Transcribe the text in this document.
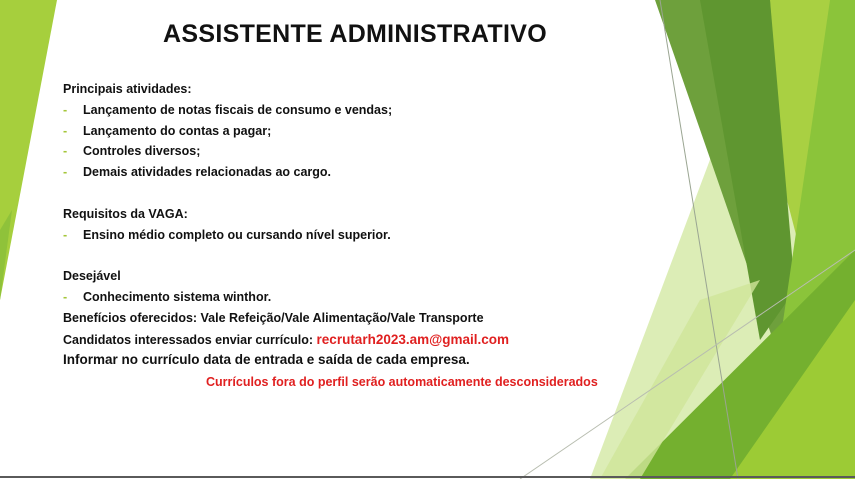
ASSISTENTE ADMINISTRATIVO
Principais atividades:
- Lançamento de notas fiscais de consumo e vendas;
- Lançamento do contas a pagar;
- Controles diversos;
- Demais atividades relacionadas ao cargo.
Requisitos da VAGA:
- Ensino médio completo ou cursando nível superior.
Desejável
- Conhecimento sistema winthor.
Benefícios oferecidos: Vale Refeição/Vale Alimentação/Vale Transporte
Candidatos interessados enviar currículo: recrutarh2023.am@gmail.com
Informar no currículo data de entrada e saída de cada empresa.
Currículos fora do perfil serão automaticamente desconsiderados
